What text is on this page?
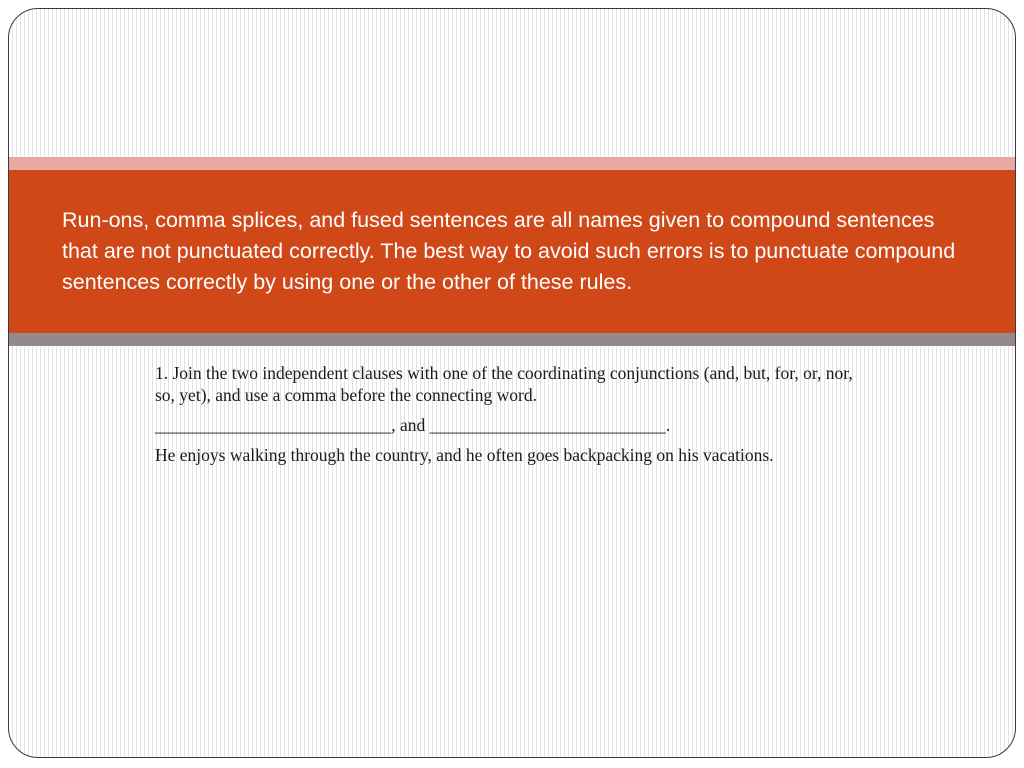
Run-ons, comma splices, and fused sentences are all names given to compound sentences that are not punctuated correctly. The best way to avoid such errors is to punctuate compound sentences correctly by using one or the other of these rules.

1. Join the two independent clauses with one of the coordinating conjunctions (and, but, for, or, nor, so, yet), and use a comma before the connecting word.

___________________________, and ___________________________.

He enjoys walking through the country, and he often goes backpacking on his vacations.
